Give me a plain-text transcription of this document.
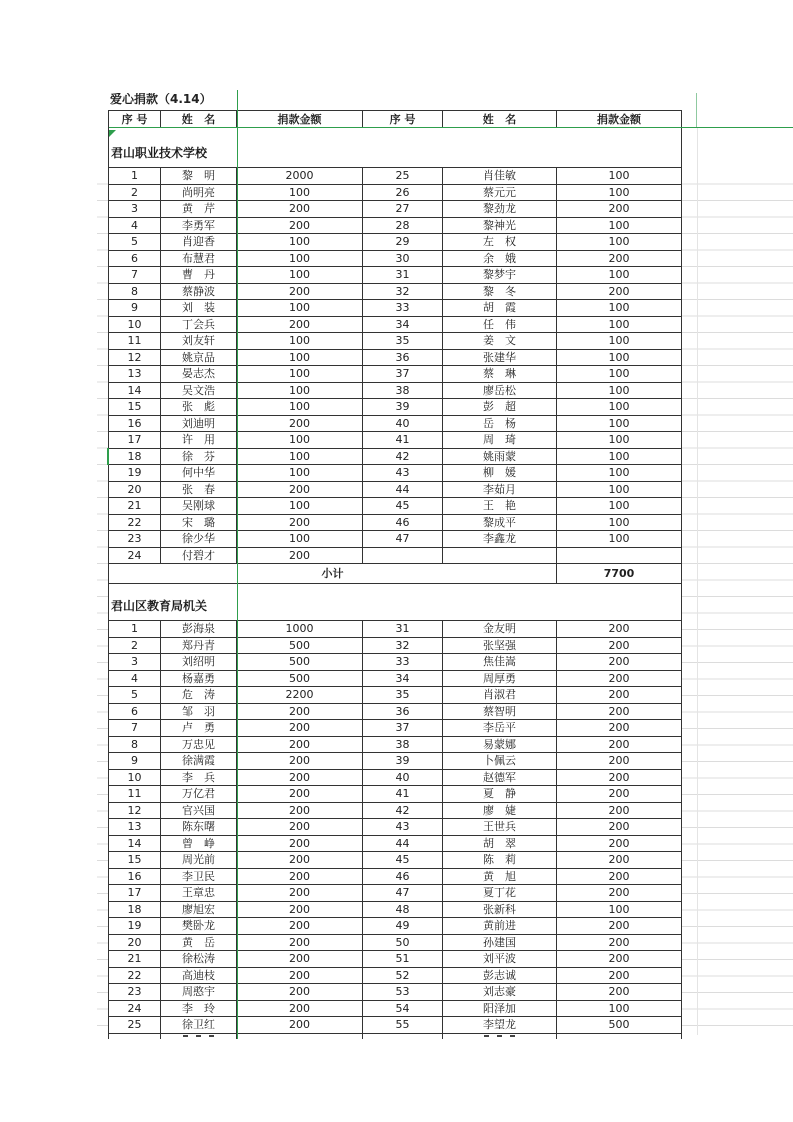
爱心捐款（4.14）
序 号	姓   名	捐款金额	序 号	姓   名	捐款金额
君山职业技术学校
1	黎　明	2000	25	肖佳敏	100
2	尚明亮	100	26	蔡元元	100
3	黄　芹	200	27	黎劲龙	200
4	李勇军	200	28	黎神光	100
5	肖迎香	100	29	左　权	100
6	布慧君	100	30	余　娥	200
7	曹　丹	100	31	黎梦宇	100
8	蔡静波	200	32	黎　冬	200
9	刘　装	100	33	胡　霞	100
10	丁会兵	200	34	任　伟	100
11	刘友轩	100	35	姜　文	100
12	姚京品	100	36	张建华	100
13	晏志杰	100	37	蔡　琳	100
14	吴文浩	100	38	廖岳松	100
15	张　彪	100	39	彭　超	100
16	刘迪明	200	40	岳　杨	100
17	许　用	100	41	周　琦	100
18	徐　芬	100	42	姚雨蒙	100
19	何中华	100	43	柳　媛	100
20	张　春	200	44	李茹月	100
21	吴刚球	100	45	王　艳	100
22	宋　璐	200	46	黎成平	100
23	徐少华	100	47	李鑫龙	100
24	付碧才	200
小计	7700
君山区教育局机关
1	彭海泉	1000	31	金友明	200
2	郑丹青	500	32	张坚强	200
3	刘绍明	500	33	焦佳嵩	200
4	杨嘉勇	500	34	周厚勇	200
5	危　涛	2200	35	肖淑君	200
6	邹　羽	200	36	蔡智明	200
7	卢　勇	200	37	李岳平	200
8	万忠见	200	38	易蒙娜	200
9	徐满霞	200	39	卜佩云	200
10	李　兵	200	40	赵德军	200
11	万亿君	200	41	夏　静	200
12	官兴国	200	42	廖　婕	200
13	陈东曙	200	43	王世兵	200
14	曾　峥	200	44	胡　翠	200
15	周光前	200	45	陈　莉	200
16	李卫民	200	46	黄　旭	200
17	王章忠	200	47	夏丁花	200
18	廖旭宏	200	48	张新科	100
19	樊卧龙	200	49	黄前进	200
20	黄　岳	200	50	孙建国	200
21	徐松涛	200	51	刘平波	200
22	高迪枝	200	52	彭志诚	200
23	周憨宇	200	53	刘志豪	200
24	李　玲	200	54	阳泽加	100
25	徐卫红	200	55	李望龙	500
